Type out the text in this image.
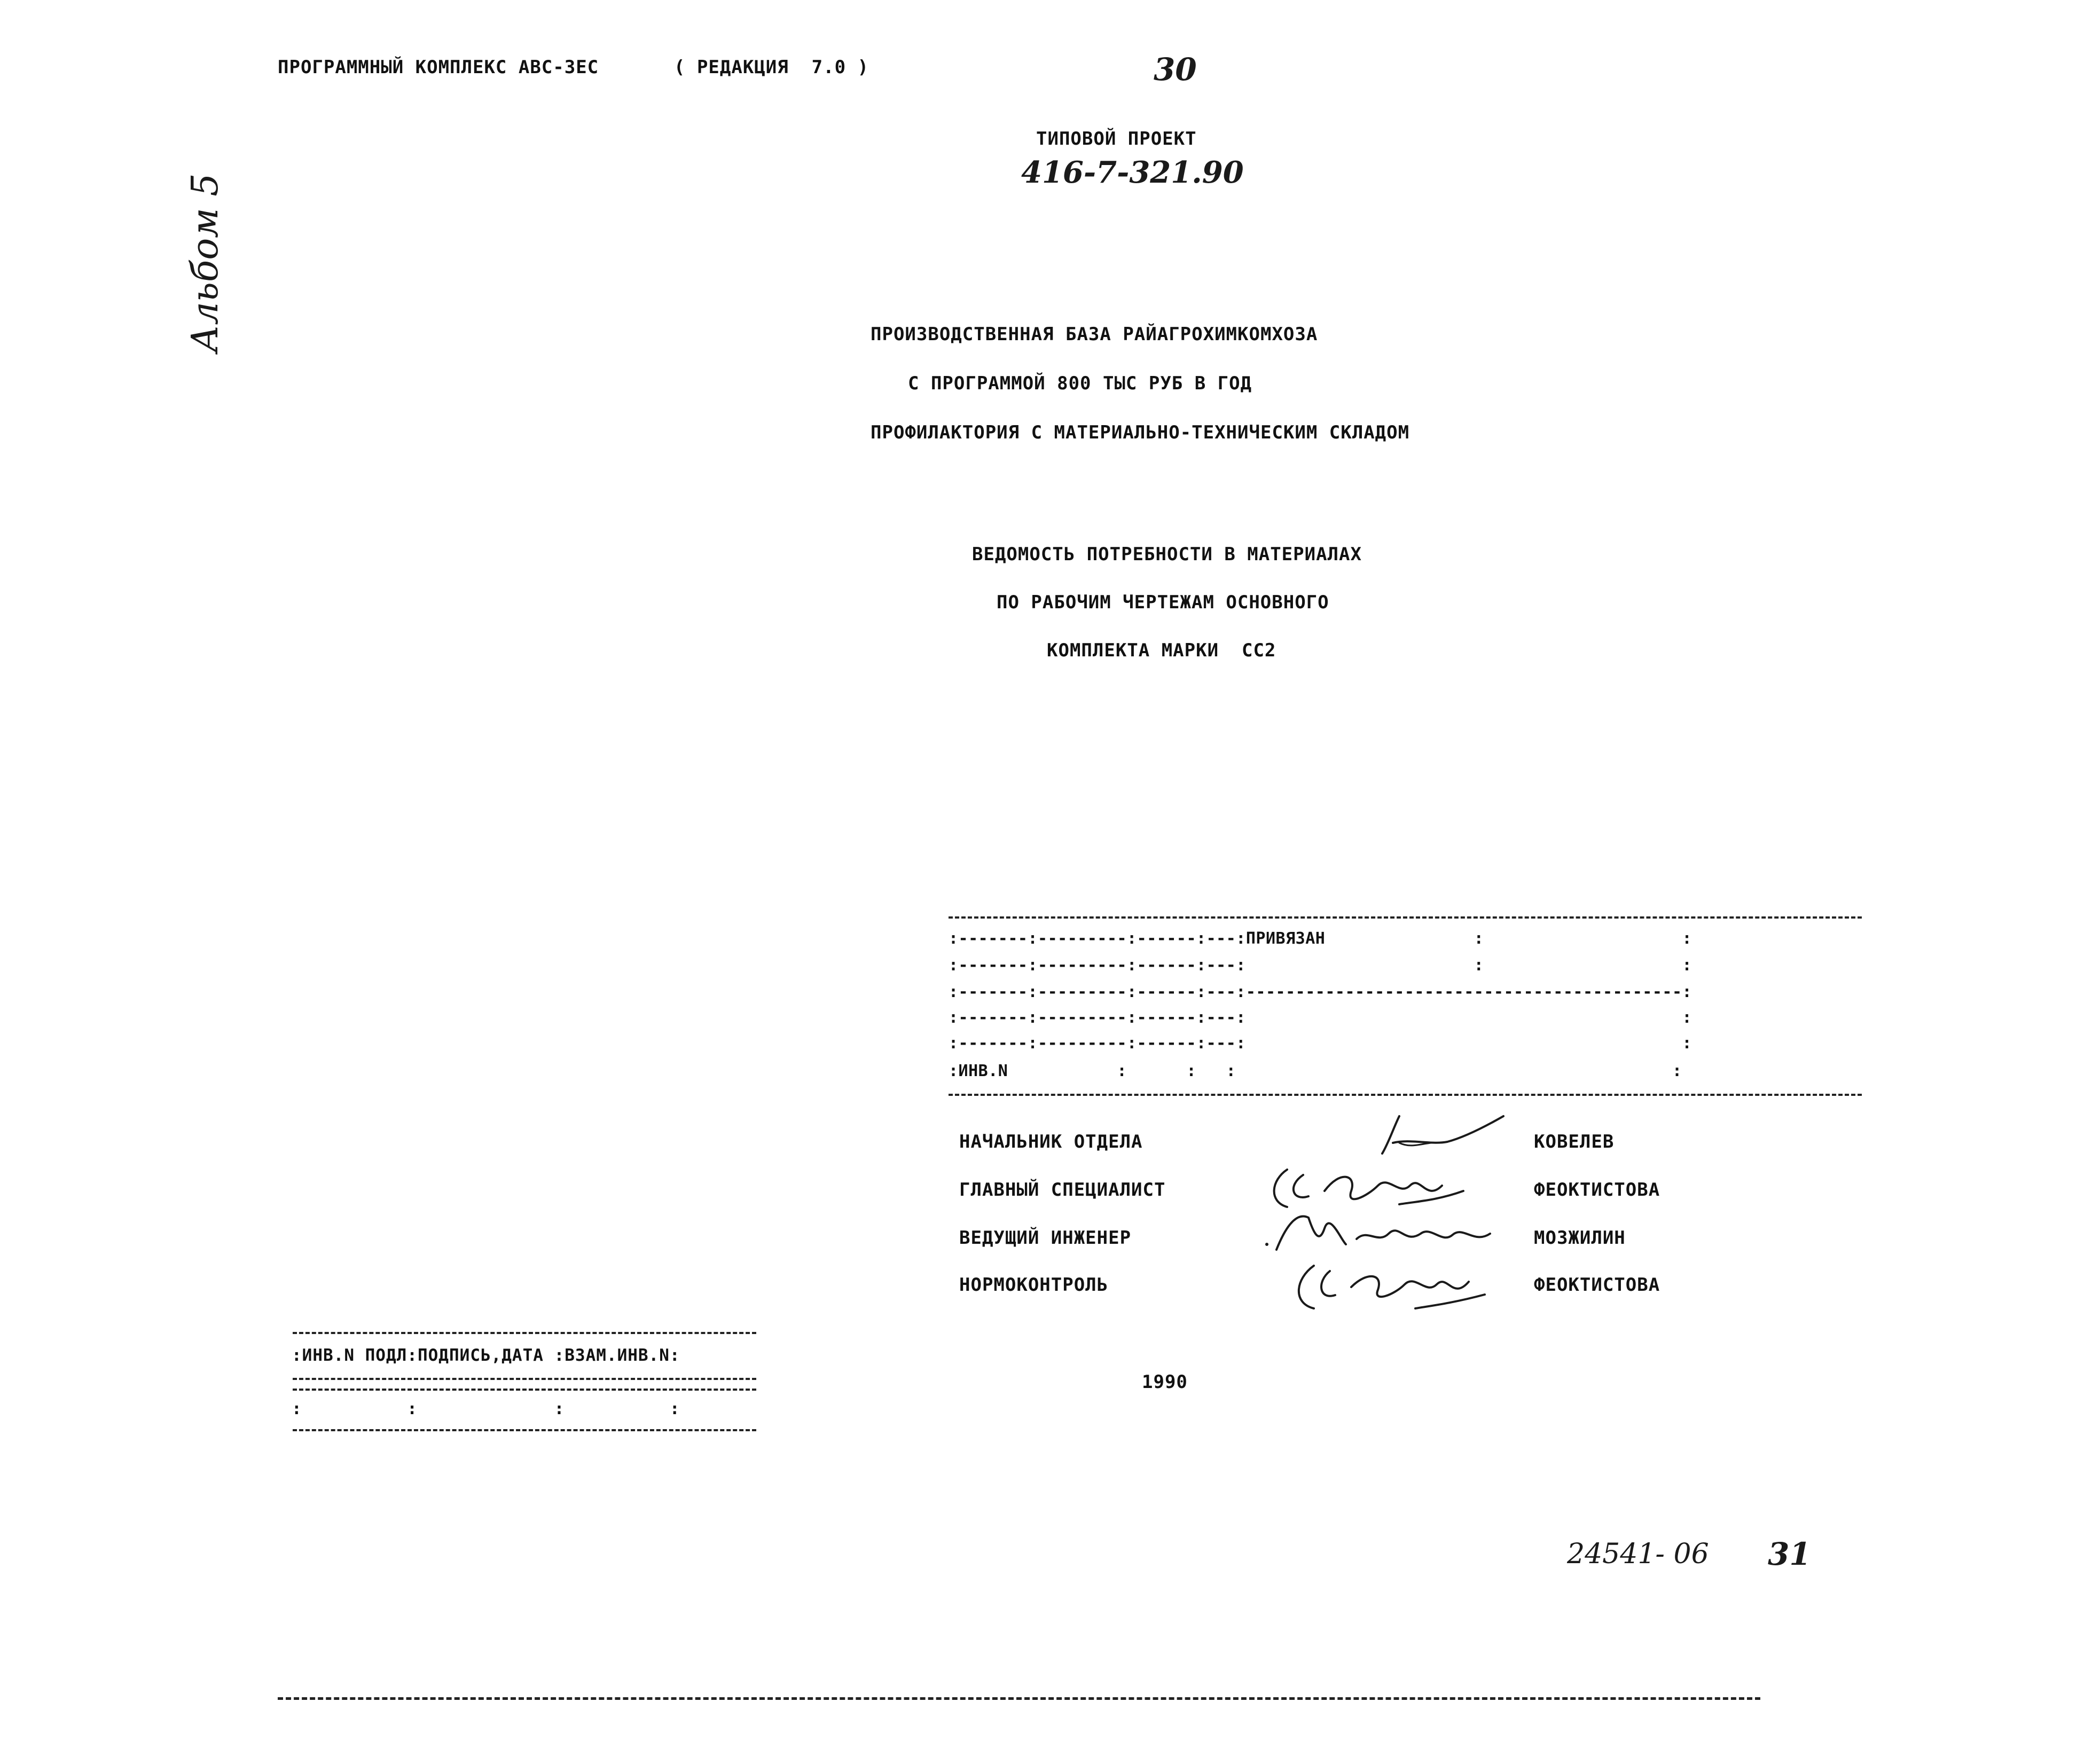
ПРОГРАММНЫЙ КОМПЛЕКС АВС-3ЕС	( РЕДАКЦИЯ  7.0 )	30
ТИПОВОЙ ПРОЕКТ
416-7-321.90
Альбом 5	ПРОИЗВОДСТВЕННАЯ БАЗА РАЙАГРОХИМКОМХОЗА
С ПРОГРАММОЙ 800 ТЫС РУБ В ГОД
ПРОФИЛАКТОРИЯ С МАТЕРИАЛЬНО-ТЕХНИЧЕСКИМ СКЛАДОМ
ВЕДОМОСТЬ ПОТРЕБНОСТИ В МАТЕРИАЛАХ
ПО РАБОЧИМ ЧЕРТЕЖАМ ОСНОВНОГО
КОМПЛЕКТА МАРКИ  СС2
:-------:---------:------:---:ПРИВЯЗАН               :                    :
:-------:---------:------:---:                       :                    :
:-------:---------:------:---:--------------------------------------------:
:-------:---------:------:---:                                            :
:-------:---------:------:---:                                            :
:ИНВ.N           :      :   :                                            :
НАЧАЛЬНИК ОТДЕЛА	КОВЕЛЕВ
ГЛАВНЫЙ СПЕЦИАЛИСТ	ФЕОКТИСТОВА
ВЕДУЩИЙ ИНЖЕНЕР	МОЗЖИЛИН
НОРМОКОНТРОЛЬ	ФЕОКТИСТОВА
:ИНВ.N ПОДЛ:ПОДПИСЬ,ДАТА :ВЗАМ.ИНВ.N:
:          :             :          :
1990
24541- 06 31
